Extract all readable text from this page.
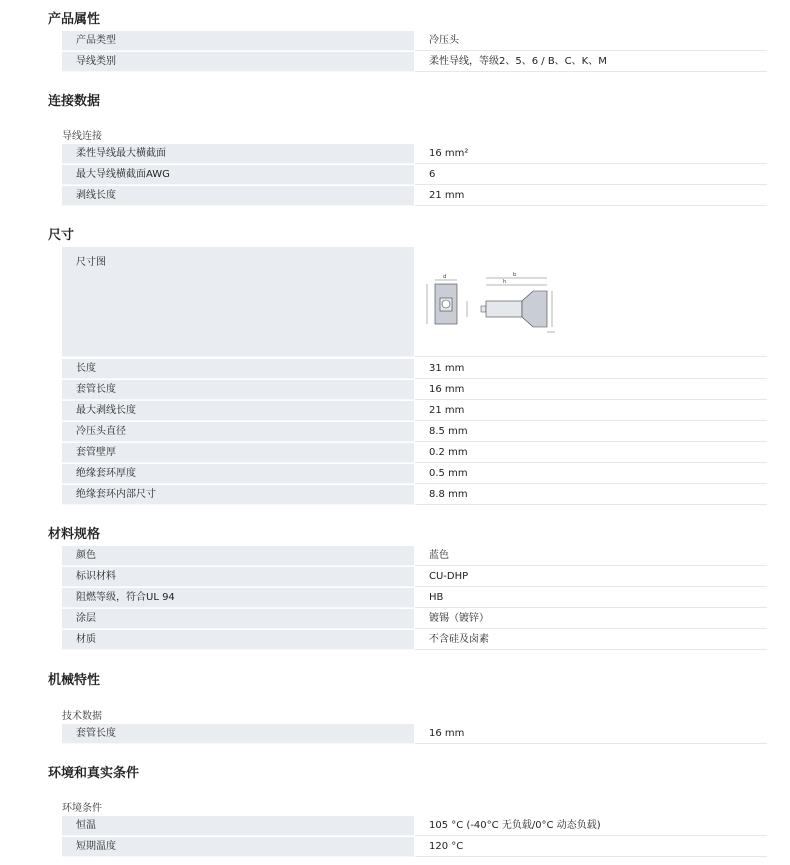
产品属性
产品类型	冷压头
导线类别	柔性导线，等级2、5、6 / B、C、K、M
连接数据
导线连接
柔性导线最大横截面	16 mm²
最大导线横截面AWG	6
剥线长度	21 mm
尺寸
尺寸图
d	b
h
长度	31 mm
套管长度	16 mm
最大剥线长度	21 mm
冷压头直径	8.5 mm
套管壁厚	0.2 mm
绝缘套环厚度	0.5 mm
绝缘套环内部尺寸	8.8 mm
材料规格
颜色	蓝色
标识材料	CU-DHP
阻燃等级，符合UL 94	HB
涂层	镀锡（镀锌）
材质	不含硅及卤素
机械特性
技术数据
套管长度	16 mm
环境和真实条件
环境条件
恒温	105 °C (-40°C 无负载/0°C 动态负载)
短期温度	120 °C
